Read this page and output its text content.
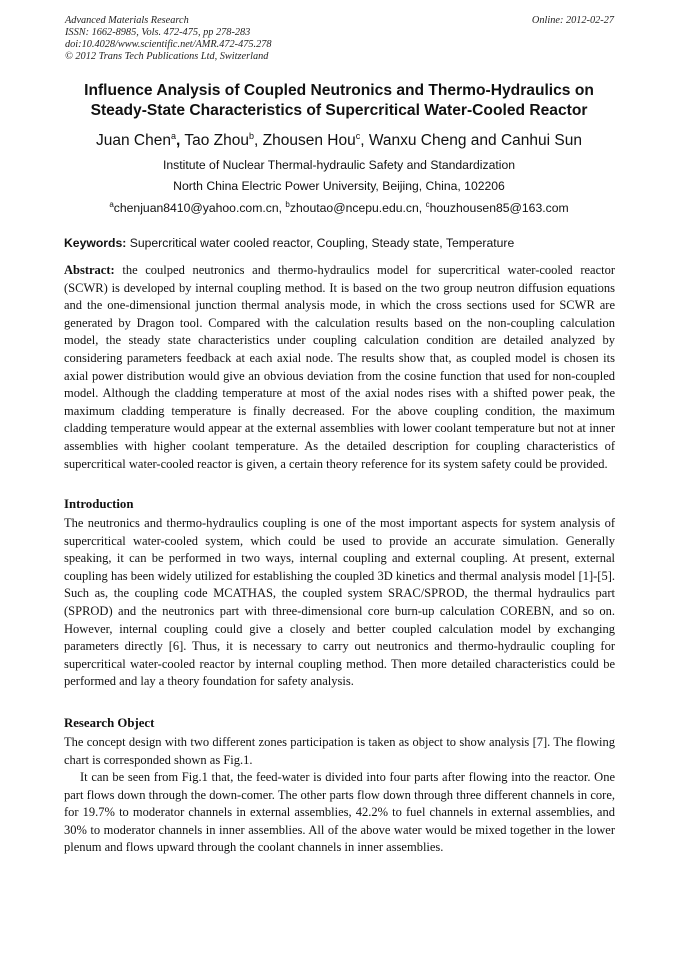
Advanced Materials Research
ISSN: 1662-8985, Vols. 472-475, pp 278-283
doi:10.4028/www.scientific.net/AMR.472-475.278
© 2012 Trans Tech Publications Ltd, Switzerland
Online: 2012-02-27
Influence Analysis of Coupled Neutronics and Thermo-Hydraulics on
Steady-State Characteristics of Supercritical Water-Cooled Reactor
Juan Chen$^a$, Tao Zhou$^b$, Zhousen Hou$^c$, Wanxu Cheng and Canhui Sun
Institute of Nuclear Thermal-hydraulic Safety and Standardization
North China Electric Power University, Beijing, China, 102206
$^a$chenjuan8410@yahoo.com.cn, $^b$zhoutao@ncepu.edu.cn, $^c$houzhousen85@163.com
Keywords: Supercritical water cooled reactor, Coupling, Steady state, Temperature
Abstract: the coulped neutronics and thermo-hydraulics model for supercritical water-cooled reactor (SCWR) is developed by internal coupling method. It is based on the two group neutron diffusion equations and the one-dimensional junction thermal analysis mode, in which the cross sections used for SCWR are generated by Dragon tool. Compared with the calculation results based on the non-coupling calculation model, the steady state characteristics under coupling calculation condition are detailed analyzed by considering parameters feedback at each axial node. The results show that, as coupled model is chosen its axial power distribution would give an obvious deviation from the cosine function that used for non-coupled model. Although the cladding temperature at most of the axial nodes rises with a shifted power peak, the maximum cladding temperature is finally decreased. For the above coupling condition, the maximum cladding temperature would appear at the external assemblies with lower coolant temperature but not at inner assemblies with higher coolant temperature. As the detailed description for coupling characteristics of supercritical water-cooled reactor is given, a certain theory reference for its system safety could be provided.
Introduction
The neutronics and thermo-hydraulics coupling is one of the most important aspects for system analysis of supercritical water-cooled system, which could be used to provide an accurate simulation. Generally speaking, it can be performed in two ways, internal coupling and external coupling. At present, external coupling has been widely utilized for establishing the coupled 3D kinetics and thermal analysis model [1]-[5]. Such as, the coupling code MCATHAS, the coupled system SRAC/SPROD, the thermal hydraulics part (SPROD) and the neutronics part with three-dimensional core burn-up calculation COREBN, and so on. However, internal coupling could give a closely and better coupled calculation model by exchanging parameters directly [6]. Thus, it is necessary to carry out neutronics and thermo-hydraulic coupling for supercritical water-cooled reactor by internal coupling method. Then more detailed characteristics could be performed and lay a theory foundation for safety analysis.
Research Object
The concept design with two different zones participation is taken as object to show analysis [7]. The flowing chart is corresponded shown as Fig.1.
It can be seen from Fig.1 that, the feed-water is divided into four parts after flowing into the reactor. One part flows down through the down-comer. The other parts flow down through three different channels in core, for 19.7% to moderator channels in external assemblies, 42.2% to fuel channels in external assemblies, and 30% to moderator channels in inner assemblies. All of the above water would be mixed together in the lower plenum and flows upward through the coolant channels in inner assemblies.
